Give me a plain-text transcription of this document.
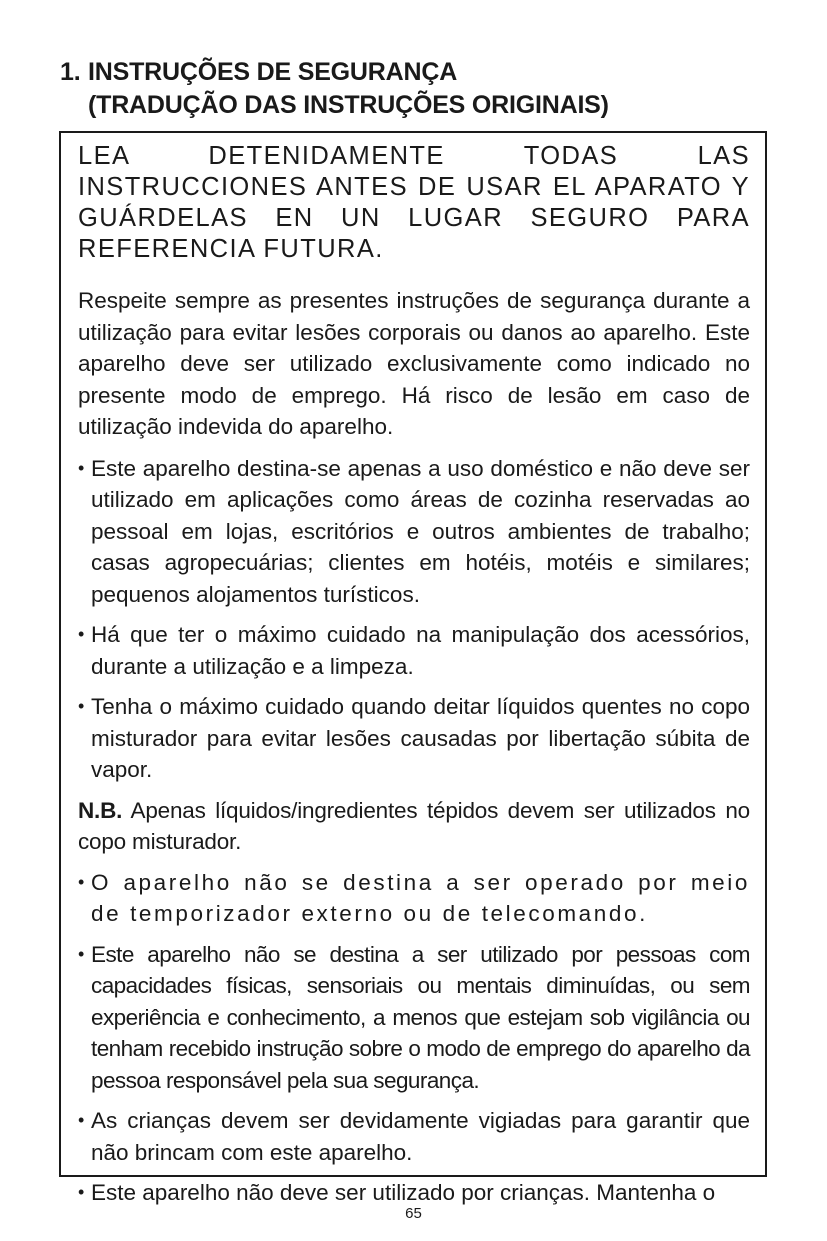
1. INSTRUÇÕES DE SEGURANÇA
(TRADUÇÃO DAS INSTRUÇÕES ORIGINAIS)

LEA DETENIDAMENTE TODAS LAS INSTRUCCIONES ANTES DE USAR EL APARATO Y GUÁRDELAS EN UN LUGAR SEGURO PARA REFERENCIA FUTURA.

Respeite sempre as presentes instruções de segurança durante a utilização para evitar lesões corporais ou danos ao aparelho. Este aparelho deve ser utilizado exclusivamente como indicado no presente modo de emprego. Há risco de lesão em caso de utilização indevida do aparelho.

• Este aparelho destina-se apenas a uso doméstico e não deve ser utilizado em aplicações como áreas de cozinha reservadas ao pessoal em lojas, escritórios e outros ambientes de trabalho; casas agropecuárias; clientes em hotéis, motéis e similares; pequenos alojamentos turísticos.
• Há que ter o máximo cuidado na manipulação dos acessórios, durante a utilização e a limpeza.
• Tenha o máximo cuidado quando deitar líquidos quentes no copo misturador para evitar lesões causadas por libertação súbita de vapor.

N.B. Apenas líquidos/ingredientes tépidos devem ser utilizados no copo misturador.

• O aparelho não se destina a ser operado por meio de temporizador externo ou de telecomando.
• Este aparelho não se destina a ser utilizado por pessoas com capacidades físicas, sensoriais ou mentais diminuídas, ou sem experiência e conhecimento, a menos que estejam sob vigilância ou tenham recebido instrução sobre o modo de emprego do aparelho da pessoa responsável pela sua segurança.
• As crianças devem ser devidamente vigiadas para garantir que não brincam com este aparelho.
• Este aparelho não deve ser utilizado por crianças. Mantenha o
65
